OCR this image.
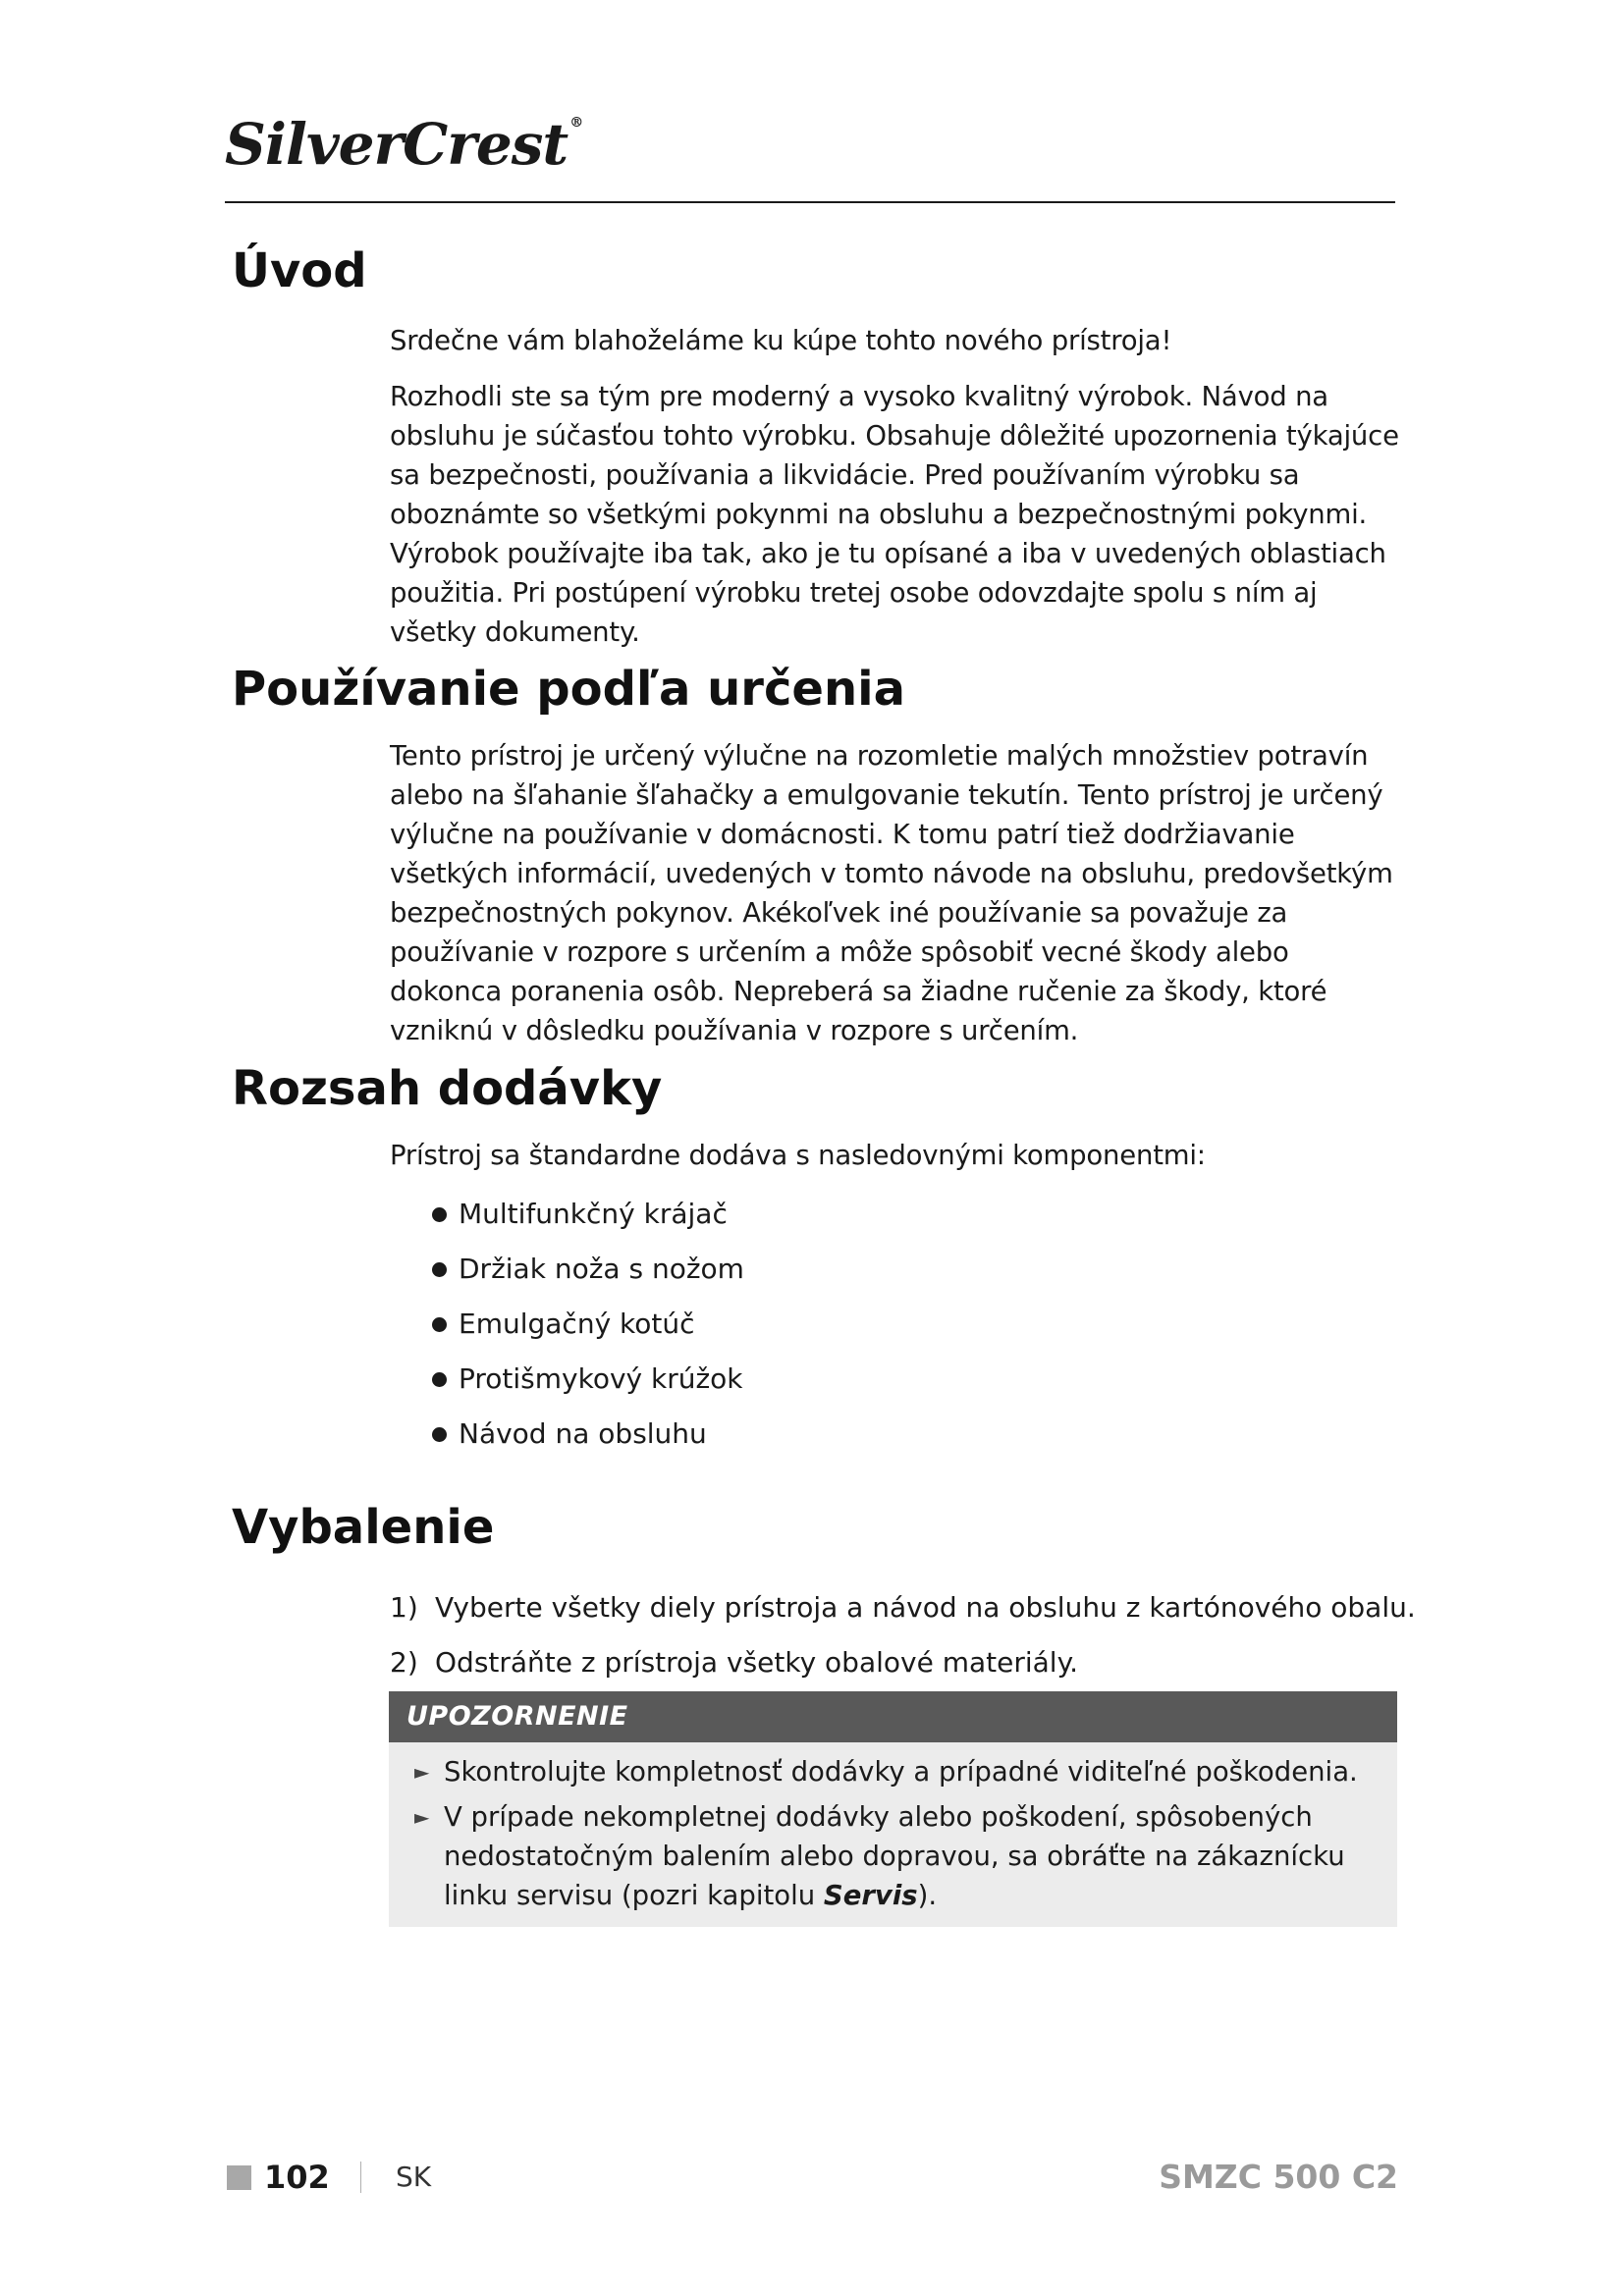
SilverCrest ®
Úvod

Srdečne vám blahoželáme ku kúpe tohto nového prístroja!

Rozhodli ste sa tým pre moderný a vysoko kvalitný výrobok. Návod na obsluhu je súčasťou tohto výrobku. Obsahuje dôležité upozornenia týkajúce sa bezpečnosti, používania a likvidácie. Pred používaním výrobku sa oboznámte so všetkými pokynmi na obsluhu a bezpečnostnými pokynmi. Výrobok používajte iba tak, ako je tu opísané a iba v uvedených oblastiach použitia. Pri postúpení výrobku tretej osobe odovzdajte spolu s ním aj všetky dokumenty.

Používanie podľa určenia

Tento prístroj je určený výlučne na rozomletie malých množstiev potravín alebo na šľahanie šľahačky a emulgovanie tekutín. Tento prístroj je určený výlučne na používanie v domácnosti. K tomu patrí tiež dodržiavanie všetkých informácií, uvedených v tomto návode na obsluhu, predovšetkým bezpečnostných pokynov. Akékoľvek iné používanie sa považuje za používanie v rozpore s určením a môže spôsobiť vecné škody alebo dokonca poranenia osôb. Nepreberá sa žiadne ručenie za škody, ktoré vzniknú v dôsledku používania v rozpore s určením.

Rozsah dodávky

Prístroj sa štandardne dodáva s nasledovnými komponentmi:

Multifunkčný krájač
Držiak noža s nožom
Emulgačný kotúč
Protišmykový krúžok
Návod na obsluhu
Vybalenie
1) Vyberte všetky diely prístroja a návod na obsluhu z kartónového obalu.
2) Odstráňte z prístroja všetky obalové materiály.
UPOZORNENIE
► Skontrolujte kompletnosť dodávky a prípadné viditeľné poškodenia.
► V prípade nekompletnej dodávky alebo poškodení, spôsobených nedostatočným balením alebo dopravou, sa obráťte na zákaznícku linku servisu (pozri kapitolu Servis).
102 SK	SMZC 500 C2
